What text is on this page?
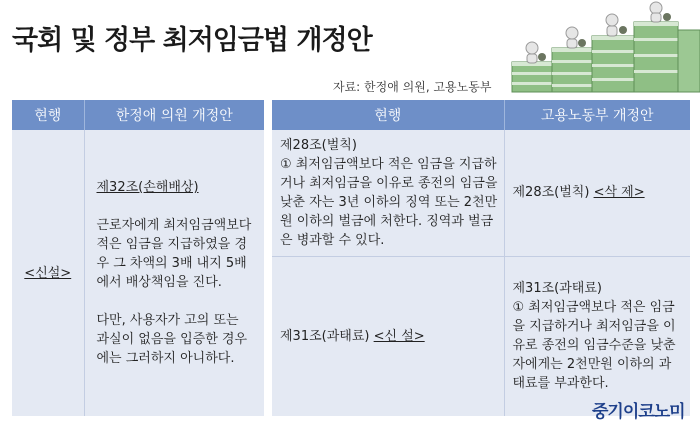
국회 및 정부 최저임금법 개정안
자료: 한정애 의원, 고용노동부
현행	한정애 의원 개정안
<신설>	제32조(손해배상)
근로자에게 최저임금액보다 적은 임금을 지급하였을 경우 그 차액의 3배 내지 5배에서 배상책임을 진다.
다만, 사용자가 고의 또는 과실이 없음을 입증한 경우에는 그러하지 아니하다.
현행	고용노동부 개정안

제28조(벌칙)
① 최저임금액보다 적은 임금을 지급하거나 최저임금을 이유로 종전의 임금을 낮춘 자는 3년 이하의 징역 또는 2천만원 이하의 벌금에 처한다. 징역과 벌금은 병과할 수 있다.	제28조(벌칙) <삭 제>
제31조(과태료) <신 설>	제31조(과태료)
① 최저임금액보다 적은 임금을 지급하거나 최저임금을 이유로 종전의 임금수준을 낮춘 자에게는 2천만원 이하의 과태료를 부과한다.
중기이코노미
